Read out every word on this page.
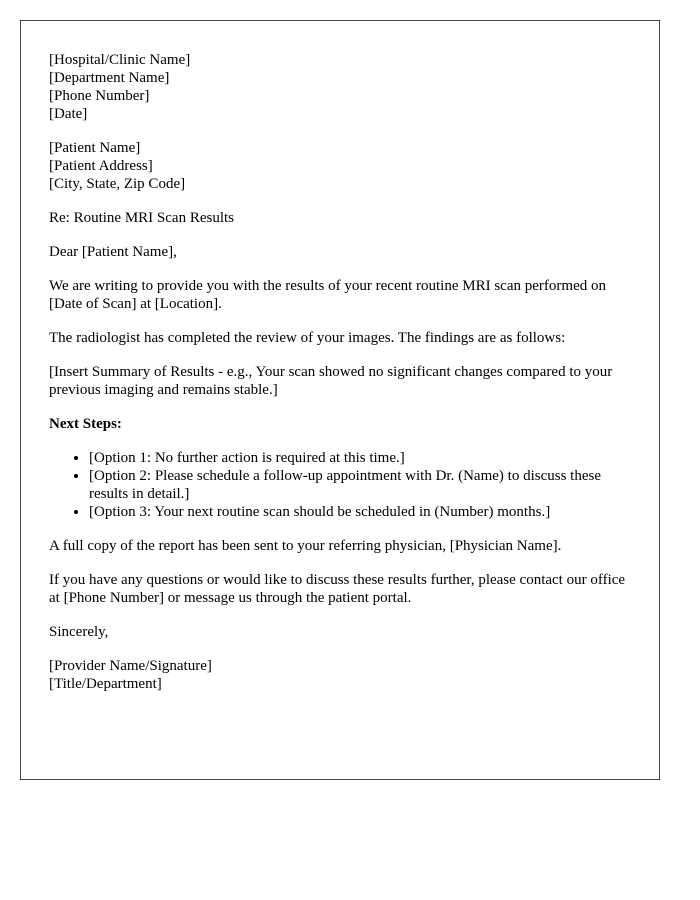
[Hospital/Clinic Name]
[Department Name]
[Phone Number]
[Date]
[Patient Name]
[Patient Address]
[City, State, Zip Code]

Re: Routine MRI Scan Results

Dear [Patient Name],

We are writing to provide you with the results of your recent routine MRI scan performed on [Date of Scan] at [Location].

The radiologist has completed the review of your images. The findings are as follows:

[Insert Summary of Results - e.g., Your scan showed no significant changes compared to your previous imaging and remains stable.]

Next Steps:

• [Option 1: No further action is required at this time.]
• [Option 2: Please schedule a follow-up appointment with Dr. (Name) to discuss these results in detail.]
• [Option 3: Your next routine scan should be scheduled in (Number) months.]

A full copy of the report has been sent to your referring physician, [Physician Name].

If you have any questions or would like to discuss these results further, please contact our office at [Phone Number] or message us through the patient portal.

Sincerely,

[Provider Name/Signature]
[Title/Department]
